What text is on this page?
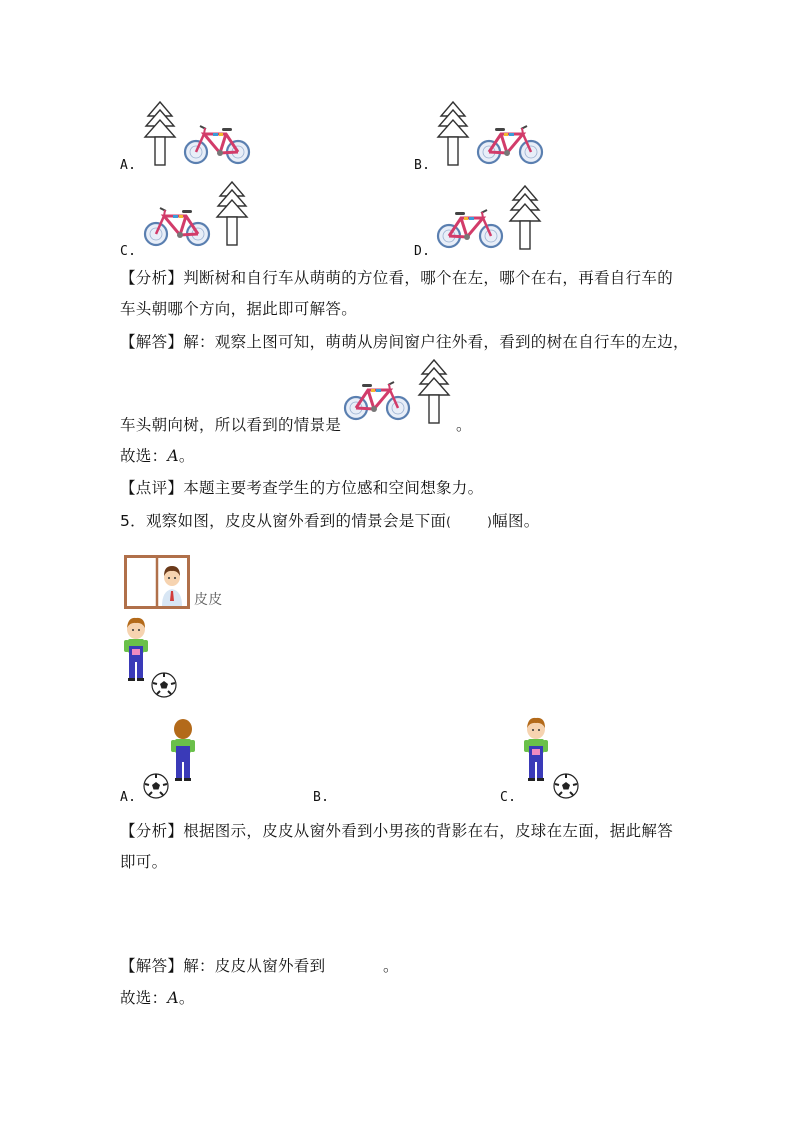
A.	B.
C.	D.
【分析】判断树和自行车从萌萌的方位看，哪个在左，哪个在右，再看自行车的
车头朝哪个方向，据此即可解答。
【解答】解：观察上图可知，萌萌从房间窗户往外看，看到的树在自行车的左边，
车头朝向树，所以看到的情景是	。
故选：A。
【点评】本题主要考查学生的方位感和空间想象力。
5．观察如图，皮皮从窗外看到的情景会是下面(	)幅图。
皮皮
A.	B.	C.
【分析】根据图示，皮皮从窗外看到小男孩的背影在右，皮球在左面，据此解答
即可。
【解答】解：皮皮从窗外看到	。
故选：A。
